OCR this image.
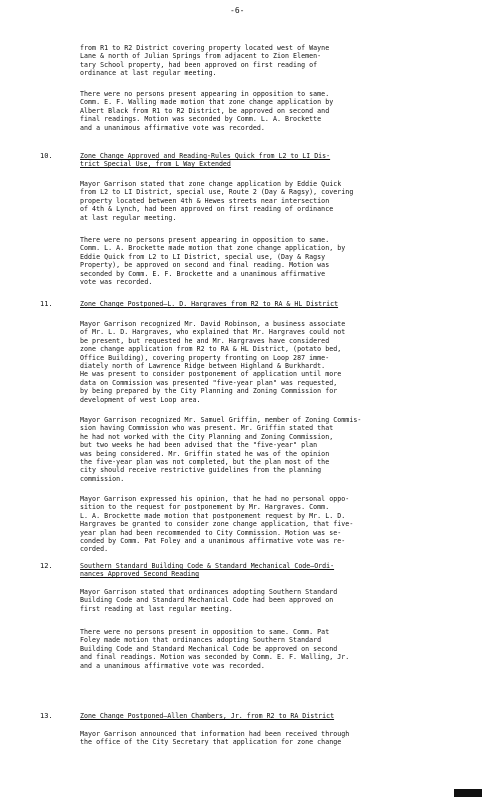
-6-
from R1 to R2 District covering property located west of Wayne
Lane & north of Julian Springs from adjacent to Zion Elemen-
tary School property, had been approved on first reading of
ordinance at last regular meeting.
There were no persons present appearing in opposition to same.
Comm. E. F. Walling made motion that zone change application by
Albert Black from R1 to R2 District, be approved on second and
final readings. Motion was seconded by Comm. L. A. Brockette
and a unanimous affirmative vote was recorded.
10.	Zone Change Approved and Reading-Rules Quick from L2 to LI Dis-
trict Special Use, from L Way Extended
Mayor Garrison stated that zone change application by Eddie Quick
from L2 to LI District, special use, Route 2 (Day & Ragsy), covering
property located between 4th & Hewes streets near intersection
of 4th & Lynch, had been approved on first reading of ordinance
at last regular meeting.
There were no persons present appearing in opposition to same.
Comm. L. A. Brockette made motion that zone change application, by
Eddie Quick from L2 to LI District, special use, (Day & Ragsy
Property), be approved on second and final reading. Motion was
seconded by Comm. E. F. Brockette and a unanimous affirmative
vote was recorded.
11.	Zone Change Postponed—L. D. Hargraves from R2 to RA & HL District
Mayor Garrison recognized Mr. David Robinson, a business associate
of Mr. L. D. Hargraves, who explained that Mr. Hargraves could not
be present, but requested he and Mr. Hargraves have considered
zone change application from R2 to RA & HL District, (potato bed,
Office Building), covering property fronting on Loop 287 imme-
diately north of Lawrence Ridge between Highland & Burkhardt.
He was present to consider postponement of application until more
data on Commission was presented "five-year plan" was requested,
by being prepared by the City Planning and Zoning Commission for
development of west Loop area.
Mayor Garrison recognized Mr. Samuel Griffin, member of Zoning Commis-
sion having Commission who was present. Mr. Griffin stated that
he had not worked with the City Planning and Zoning Commission,
but two weeks he had been advised that the "five-year" plan
was being considered. Mr. Griffin stated he was of the opinion
the five-year plan was not completed, but the plan most of the
city should receive restrictive guidelines from the planning
commission.
Mayor Garrison expressed his opinion, that he had no personal oppo-
sition to the request for postponement by Mr. Hargraves. Comm.
L. A. Brockette made motion that postponement request by Mr. L. D.
Hargraves be granted to consider zone change application, that five-
year plan had been recommended to City Commission. Motion was se-
conded by Comm. Pat Foley and a unanimous affirmative vote was re-
corded.
12.	Southern Standard Building Code & Standard Mechanical Code—Ordi-
nances Approved Second Reading
Mayor Garrison stated that ordinances adopting Southern Standard
Building Code and Standard Mechanical Code had been approved on
first reading at last regular meeting.
There were no persons present in opposition to same. Comm. Pat
Foley made motion that ordinances adopting Southern Standard
Building Code and Standard Mechanical Code be approved on second
and final readings. Motion was seconded by Comm. E. F. Walling, Jr.
and a unanimous affirmative vote was recorded.
13.	Zone Change Postponed—Allen Chambers, Jr. from R2 to RA District
Mayor Garrison announced that information had been received through
the office of the City Secretary that application for zone change
